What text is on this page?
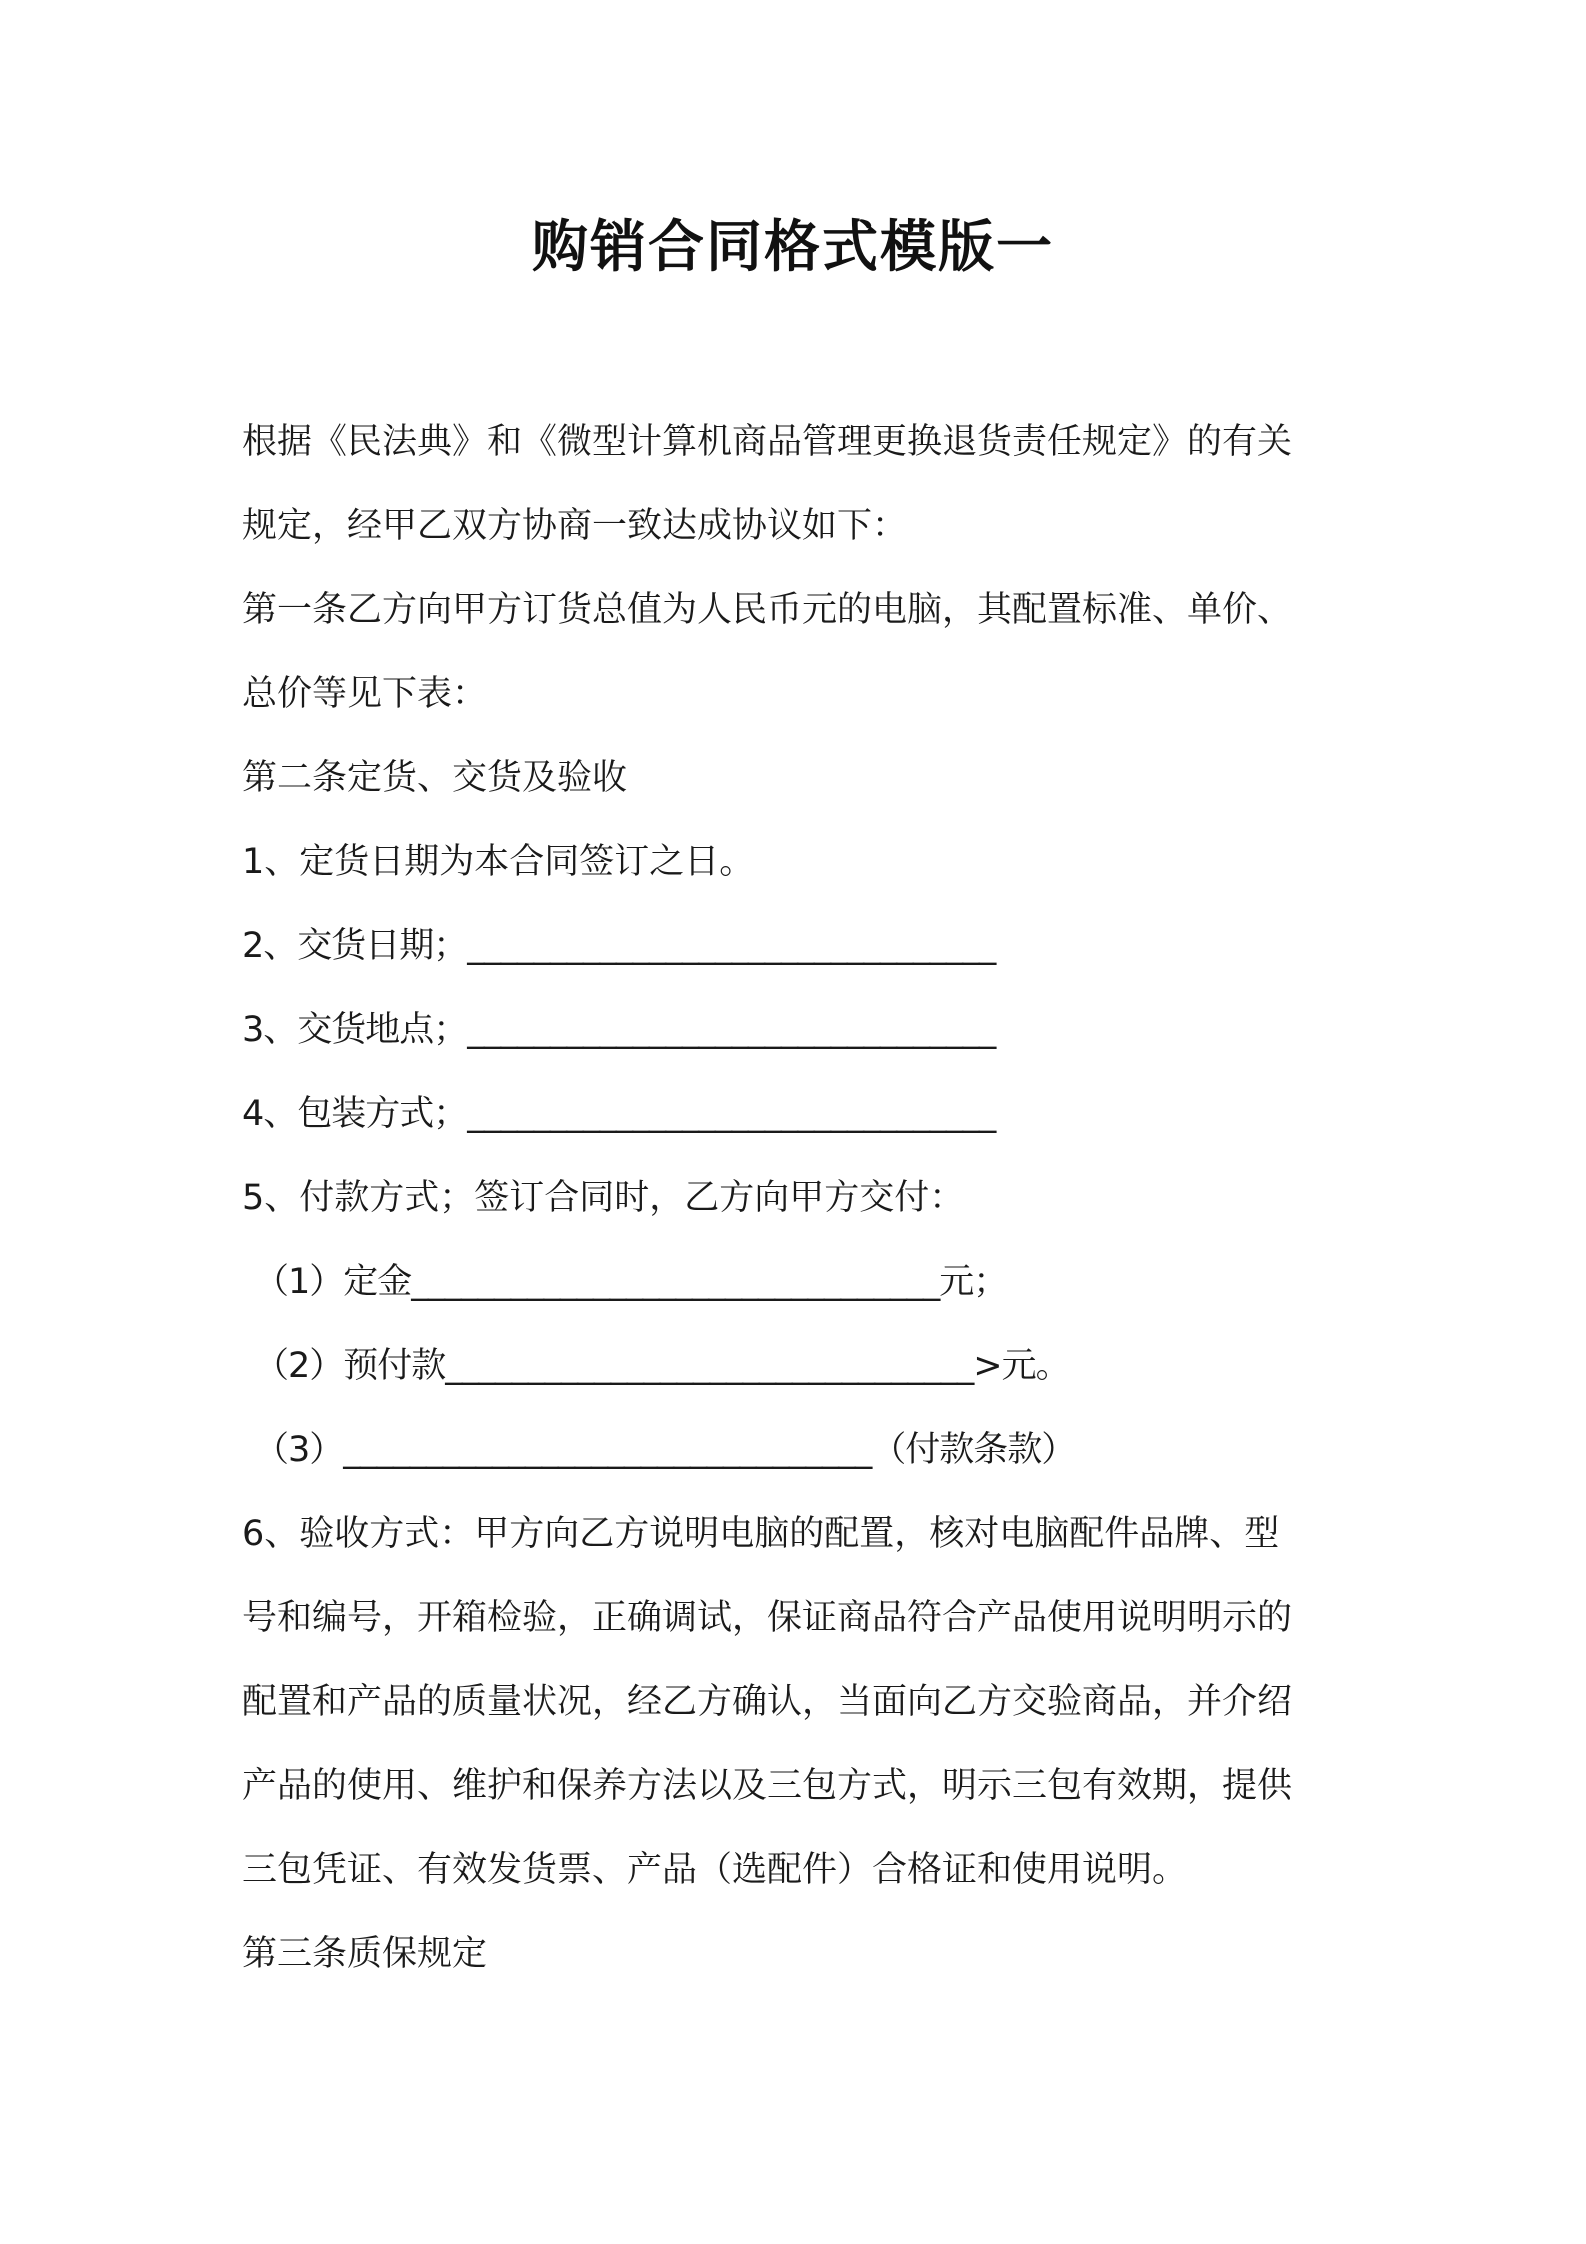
购销合同格式模版一
根据《民法典》和《微型计算机商品管理更换退货责任规定》的有关
规定，经甲乙双方协商一致达成协议如下：
第一条乙方向甲方订货总值为人民币元的电脑，其配置标准、单价、
总价等见下表：
第二条定货、交货及验收
1、定货日期为本合同签订之日。
2、交货日期；________________________________
3、交货地点；________________________________
4、包装方式；________________________________
5、付款方式；签订合同时，乙方向甲方交付：
（1）定金________________________________元；
（2）预付款________________________________>元。
（3）________________________________（付款条款）
6、验收方式：甲方向乙方说明电脑的配置，核对电脑配件品牌、型
号和编号，开箱检验，正确调试，保证商品符合产品使用说明明示的
配置和产品的质量状况，经乙方确认，当面向乙方交验商品，并介绍
产品的使用、维护和保养方法以及三包方式，明示三包有效期，提供
三包凭证、有效发货票、产品（选配件）合格证和使用说明。
第三条质保规定
